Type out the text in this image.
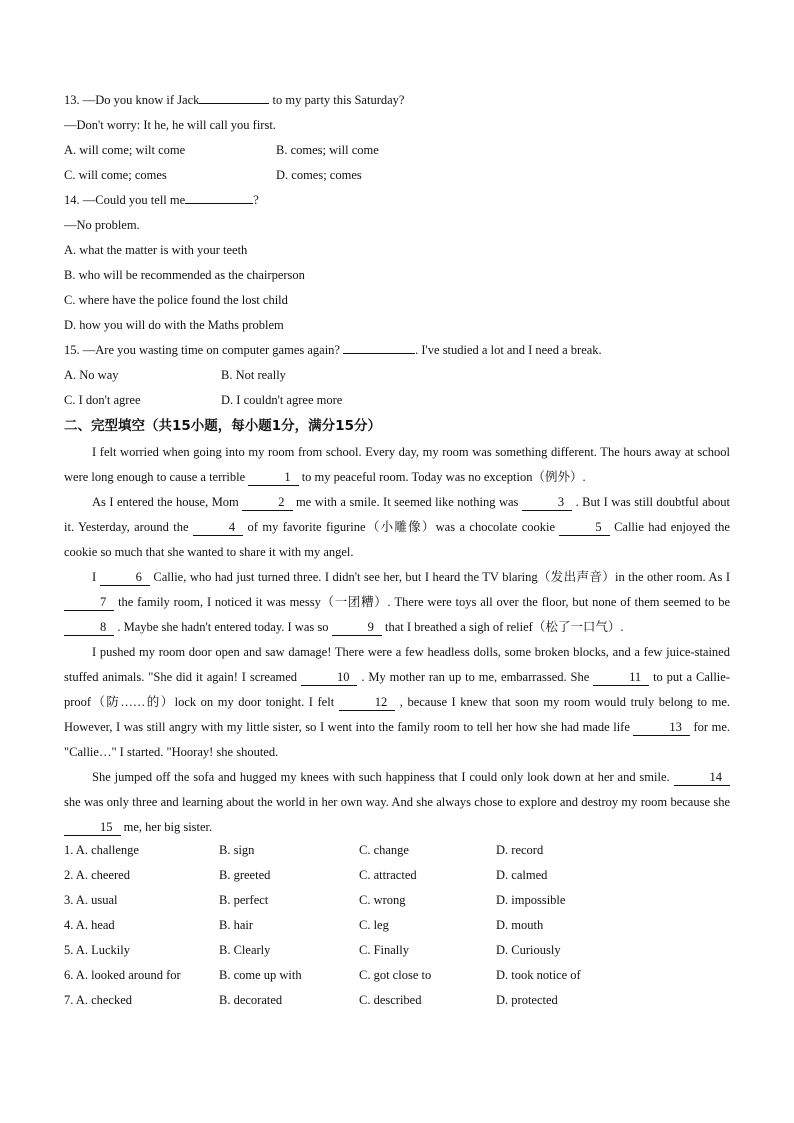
13. —Do you know if Jack	to my party this Saturday?
—Don't worry: It he, he will call you first.
A. will come; wilt come	B. comes; will come
C. will come; comes	D. comes; comes
14. —Could you tell me	?
—No problem.
A. what the matter is with your teeth
B. who will be recommended as the chairperson
C. where have the police found the lost child
D. how you will do with the Maths problem
15. —Are you wasting time on computer games again?	. I've studied a lot and I need a break.
A. No way	B. Not really
C. I don't agree	D. I couldn't agree more
二、完型填空（共15小题，每小题1分，满分15分）

I felt worried when going into my room from school. Every day, my room was something different. The hours away at school were long enough to cause a terrible	1 to my peaceful room. Today was no exception（例外）.

As I entered the house, Mom	2 me with a smile. It seemed like nothing was	3 . But I was still doubtful about it. Yesterday, around the	4 of my favorite figurine（小雕像）was a chocolate cookie	5 Callie had enjoyed the cookie so much that she wanted to share it with my angel.

I	6 Callie, who had just turned three. I didn't see her, but I heard the TV blaring（发出声音）in the other room. As I 7 the family room, I noticed it was messy（一团糟）. There were toys all over the floor, but none of them seemed to be 8 . Maybe she hadn't entered today. I was so	9 that I breathed a sigh of relief（松了一口气）.

I pushed my room door open and saw damage! There were a few headless dolls, some broken blocks, and a few juice-stained stuffed animals. "She did it again! I screamed	10 . My mother ran up to me, embarrassed. She	11 to put a Callie-proof（防……的）lock on my door tonight. I felt	12 , because I knew that soon my room would truly belong to me. However, I was still angry with my little sister, so I went into the family room to tell her how she had made life	13 for me. "Callie…" I started. "Hooray! she shouted.

She jumped off the sofa and hugged my knees with such happiness that I could only look down at her and smile.	14 she was only three and learning about the world in her own way. And she always chose to explore and destroy my room because she 15 me, her big sister.

1. A. challenge	B. sign	C. change	D. record
2. A. cheered	B. greeted	C. attracted	D. calmed
3. A. usual	B. perfect	C. wrong	D. impossible
4. A. head	B. hair	C. leg	D. mouth
5. A. Luckily	B. Clearly	C. Finally	D. Curiously
6. A. looked around for	B. come up with	C. got close to	D. took notice of
7. A. checked	B. decorated	C. described	D. protected
